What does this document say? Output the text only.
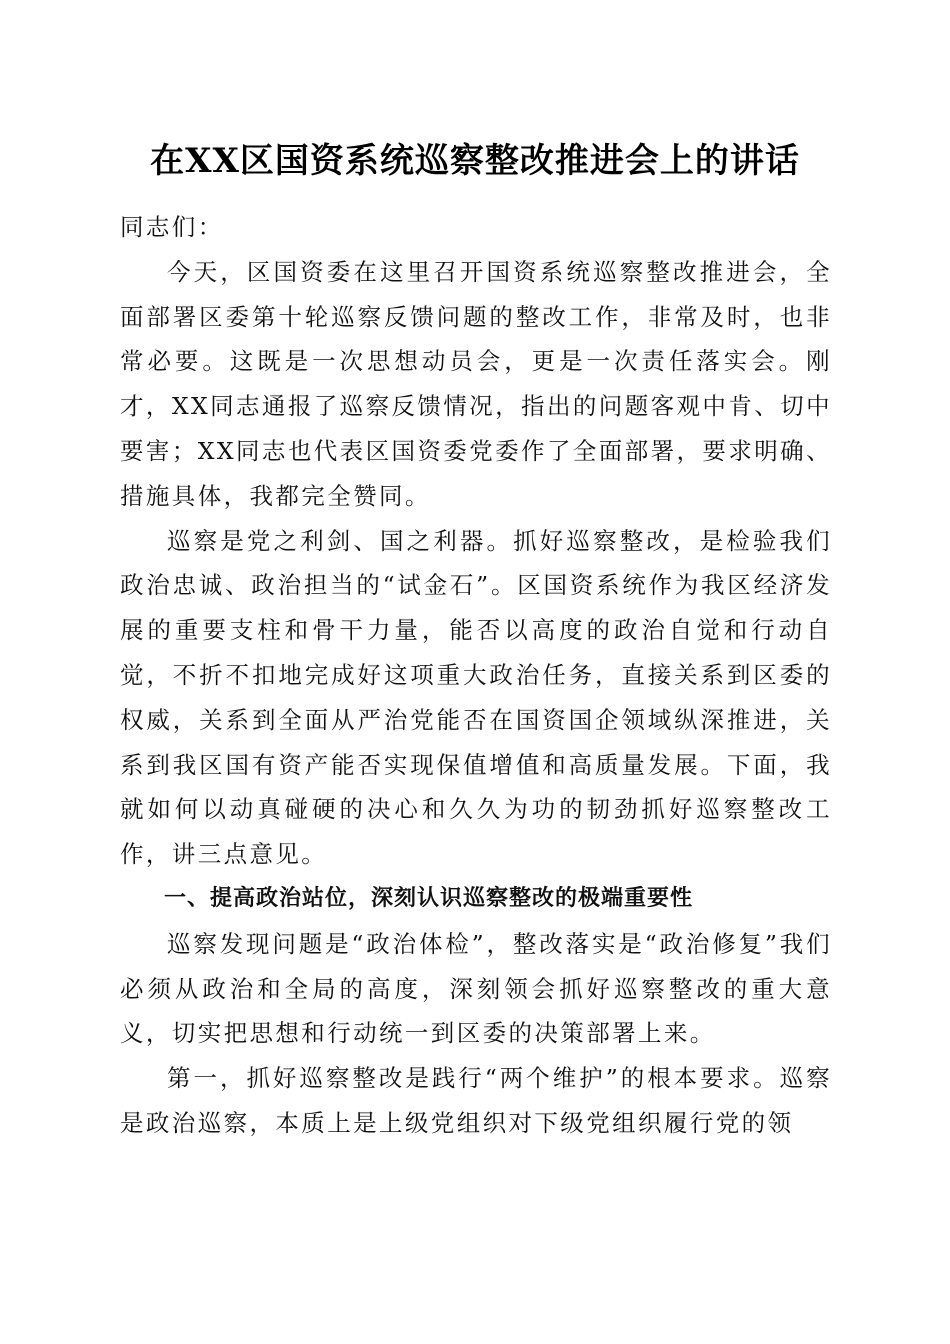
在XX区国资系统巡察整改推进会上的讲话

同志们：

今天，区国资委在这里召开国资系统巡察整改推进会，全面部署区委第十轮巡察反馈问题的整改工作，非常及时，也非常必要。这既是一次思想动员会，更是一次责任落实会。刚才，XX同志通报了巡察反馈情况，指出的问题客观中肯、切中要害；XX同志也代表区国资委党委作了全面部署，要求明确、措施具体，我都完全赞同。

巡察是党之利剑、国之利器。抓好巡察整改，是检验我们政治忠诚、政治担当的“试金石”。区国资系统作为我区经济发展的重要支柱和骨干力量，能否以高度的政治自觉和行动自觉，不折不扣地完成好这项重大政治任务，直接关系到区委的权威，关系到全面从严治党能否在国资国企领域纵深推进，关系到我区国有资产能否实现保值增值和高质量发展。下面，我就如何以动真碰硬的决心和久久为功的韧劲抓好巡察整改工作，讲三点意见。

一、提高政治站位，深刻认识巡察整改的极端重要性

巡察发现问题是“政治体检”，整改落实是“政治修复”我们必须从政治和全局的高度，深刻领会抓好巡察整改的重大意义，切实把思想和行动统一到区委的决策部署上来。

第一，抓好巡察整改是践行“两个维护”的根本要求。巡察是政治巡察，本质上是上级党组织对下级党组织履行党的领
